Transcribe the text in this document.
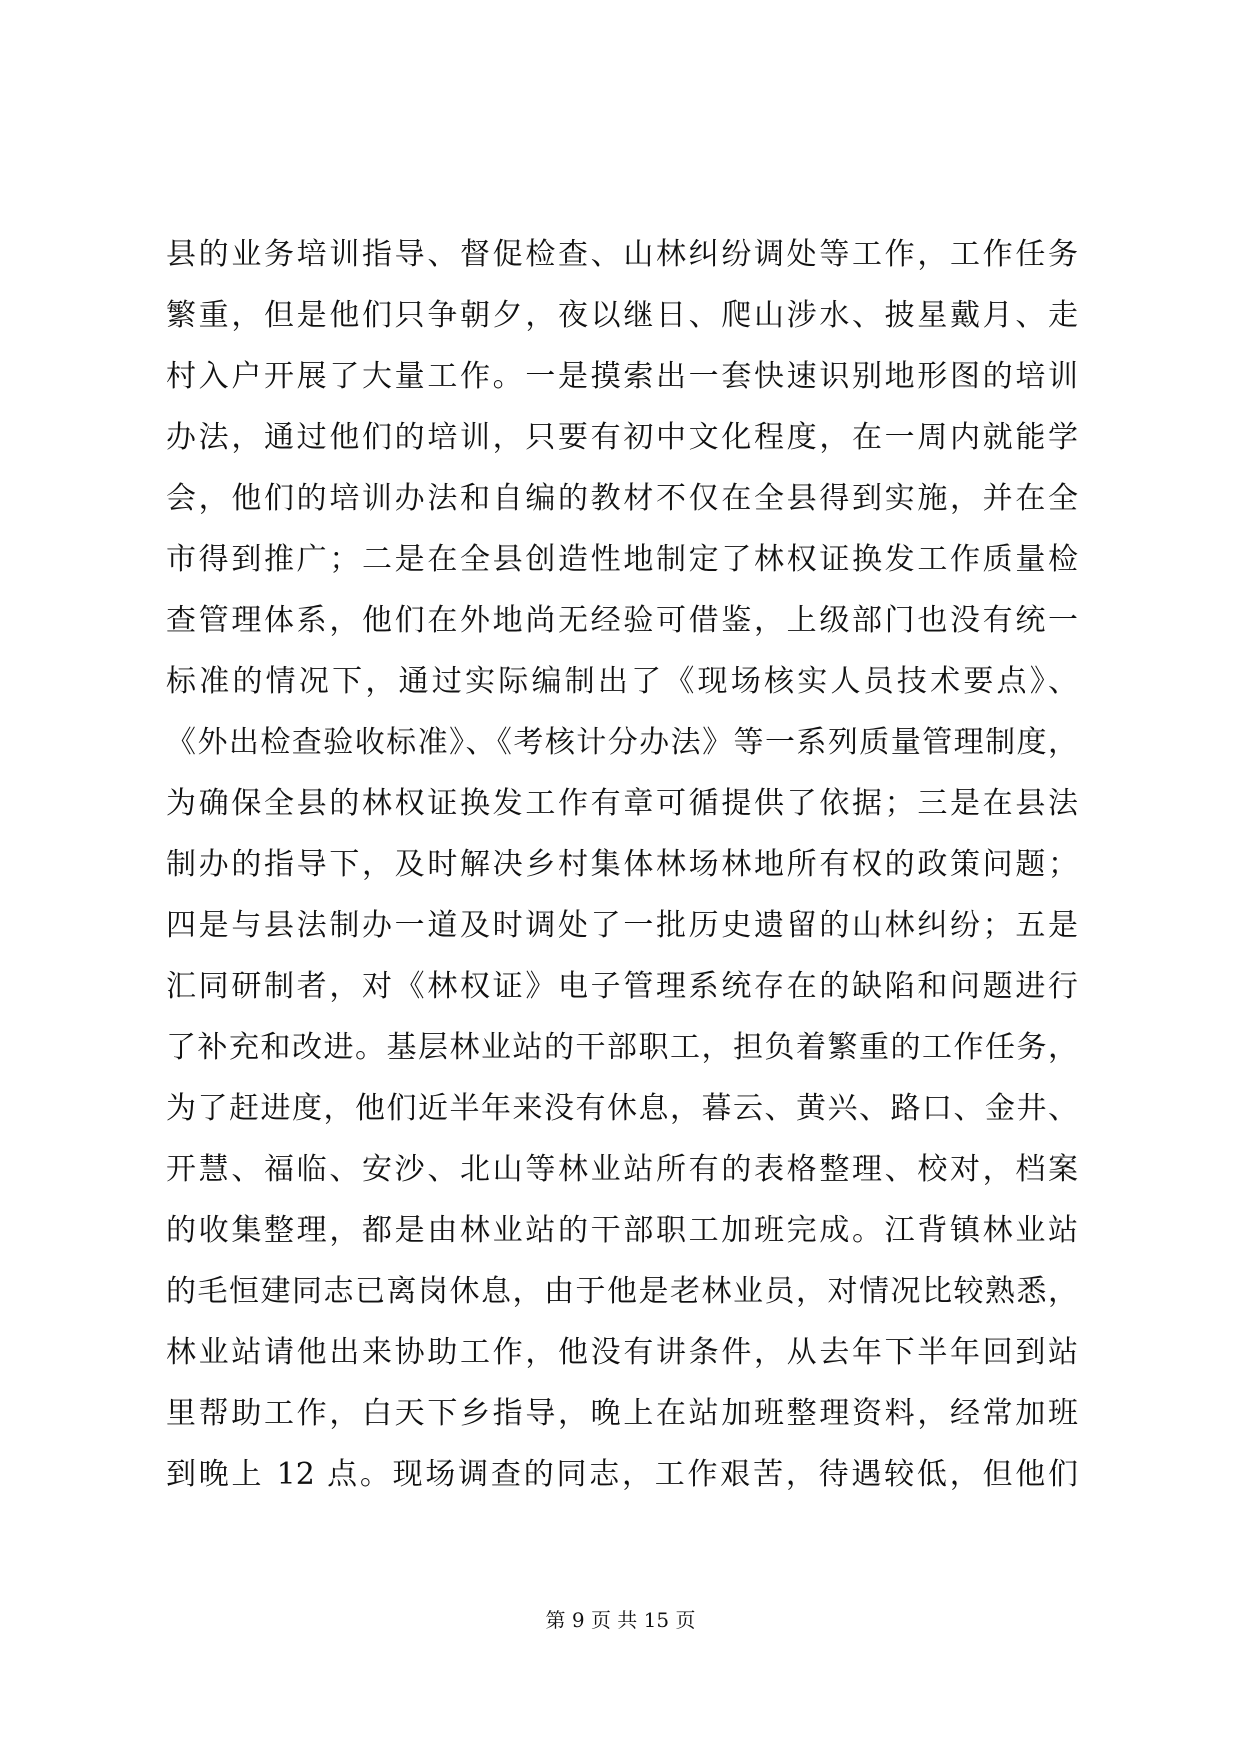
县的业务培训指导、督促检查、山林纠纷调处等工作，工作任务
繁重，但是他们只争朝夕，夜以继日、爬山涉水、披星戴月、走
村入户开展了大量工作。一是摸索出一套快速识别地形图的培训
办法，通过他们的培训，只要有初中文化程度，在一周内就能学
会，他们的培训办法和自编的教材不仅在全县得到实施，并在全
市得到推广；二是在全县创造性地制定了林权证换发工作质量检
查管理体系，他们在外地尚无经验可借鉴，上级部门也没有统一
标准的情况下，通过实际编制出了《现场核实人员技术要点》、
《外出检查验收标准》、《考核计分办法》等一系列质量管理制度，
为确保全县的林权证换发工作有章可循提供了依据；三是在县法
制办的指导下，及时解决乡村集体林场林地所有权的政策问题；
四是与县法制办一道及时调处了一批历史遗留的山林纠纷；五是
汇同研制者，对《林权证》电子管理系统存在的缺陷和问题进行
了补充和改进。基层林业站的干部职工，担负着繁重的工作任务，
为了赶进度，他们近半年来没有休息，暮云、黄兴、路口、金井、
开慧、福临、安沙、北山等林业站所有的表格整理、校对，档案
的收集整理，都是由林业站的干部职工加班完成。江背镇林业站
的毛恒建同志已离岗休息，由于他是老林业员，对情况比较熟悉，
林业站请他出来协助工作，他没有讲条件，从去年下半年回到站
里帮助工作，白天下乡指导，晚上在站加班整理资料，经常加班
到晚上 12 点。现场调查的同志，工作艰苦，待遇较低，但他们
第 9 页 共 15 页
